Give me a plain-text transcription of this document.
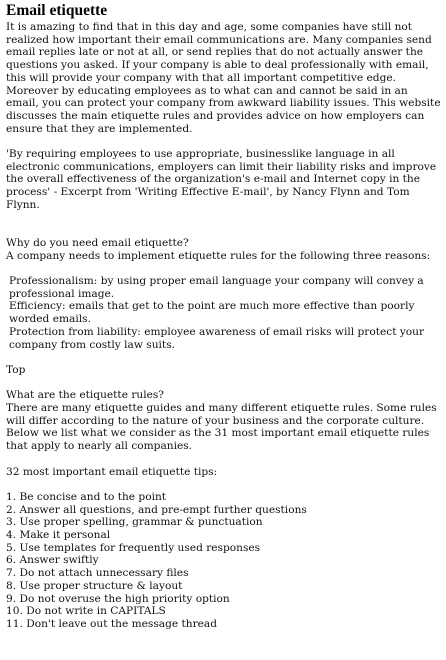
Email etiquette

It is amazing to find that in this day and age, some companies have still not realized how important their email communications are. Many companies send email replies late or not at all, or send replies that do not actually answer the questions you asked. If your company is able to deal professionally with email, this will provide your company with that all important competitive edge. Moreover by educating employees as to what can and cannot be said in an email, you can protect your company from awkward liability issues. This website discusses the main etiquette rules and provides advice on how employers can ensure that they are implemented.

'By requiring employees to use appropriate, businesslike language in all electronic communications, employers can limit their liability risks and improve the overall effectiveness of the organization's e-mail and Internet copy in the process' - Excerpt from 'Writing Effective E-mail', by Nancy Flynn and Tom Flynn.

Why do you need email etiquette?

A company needs to implement etiquette rules for the following three reasons:

Professionalism: by using proper email language your company will convey a professional image.
Efficiency: emails that get to the point are much more effective than poorly worded emails.
Protection from liability: employee awareness of email risks will protect your company from costly law suits.

Top

What are the etiquette rules?

There are many etiquette guides and many different etiquette rules. Some rules will differ according to the nature of your business and the corporate culture. Below we list what we consider as the 31 most important email etiquette rules that apply to nearly all companies.

32 most important email etiquette tips:

1. Be concise and to the point
2. Answer all questions, and pre-empt further questions
3. Use proper spelling, grammar & punctuation
4. Make it personal
5. Use templates for frequently used responses
6. Answer swiftly
7. Do not attach unnecessary files
8. Use proper structure & layout
9. Do not overuse the high priority option
10. Do not write in CAPITALS
11. Don't leave out the message thread
